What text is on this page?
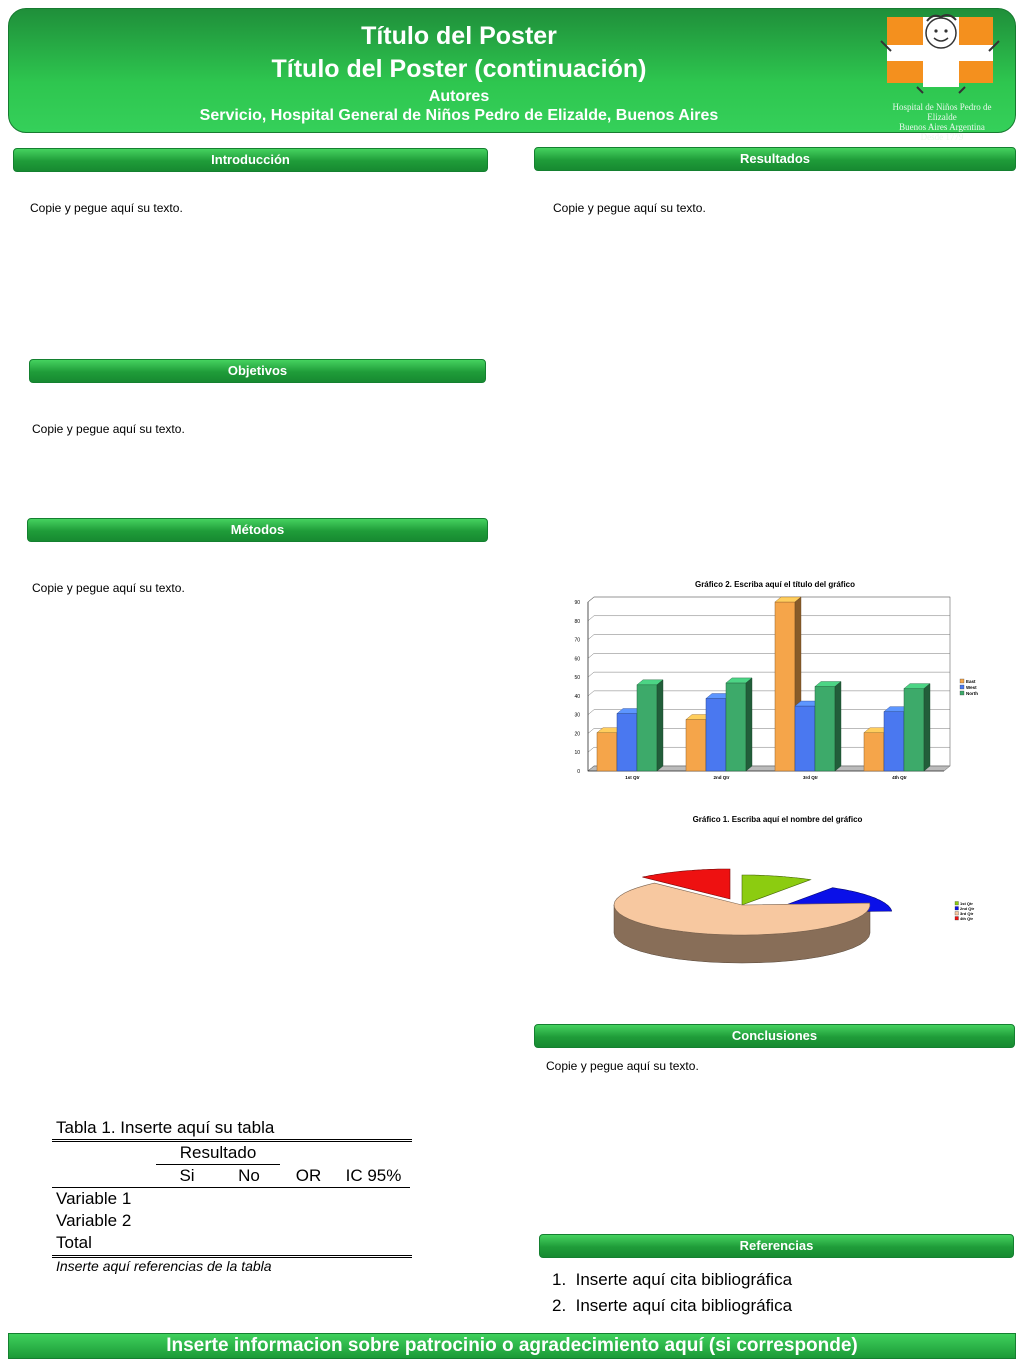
Título del Poster
Título del Poster (continuación)
Autores
Servicio, Hospital General de Niños Pedro de Elizalde, Buenos Aires	Hospital de Niños Pedro de Elizalde
Buenos Aires Argentina
Desde 1779
Introducción
Copie y pegue aquí su texto.
Objetivos
Copie y pegue aquí su texto.
Métodos
Copie y pegue aquí su texto.
Tabla 1. Inserte aquí su tabla
	Resultado			
	Si	No	OR	IC 95%
Variable 1				
Variable 2				
Total				
Inserte aquí referencias de la tabla
Resultados
Copie y pegue aquí su texto.
Gráfico 2. Escriba aquí el título del gráfico
0
10
20
30
40
50
60
70
80
90
1st Qtr	2nd Qtr	3rd Qtr	4th Qtr
East
West
North
Gráfico 1. Escriba aquí el nombre del gráfico
1st Qtr
2nd Qtr
3rd Qtr
4th Qtr
Conclusiones
Copie y pegue aquí su texto.
Referencias
1.  Inserte aquí cita bibliográfica
2.  Inserte aquí cita bibliográfica
Inserte informacion sobre patrocinio o agradecimiento aquí (si corresponde)
